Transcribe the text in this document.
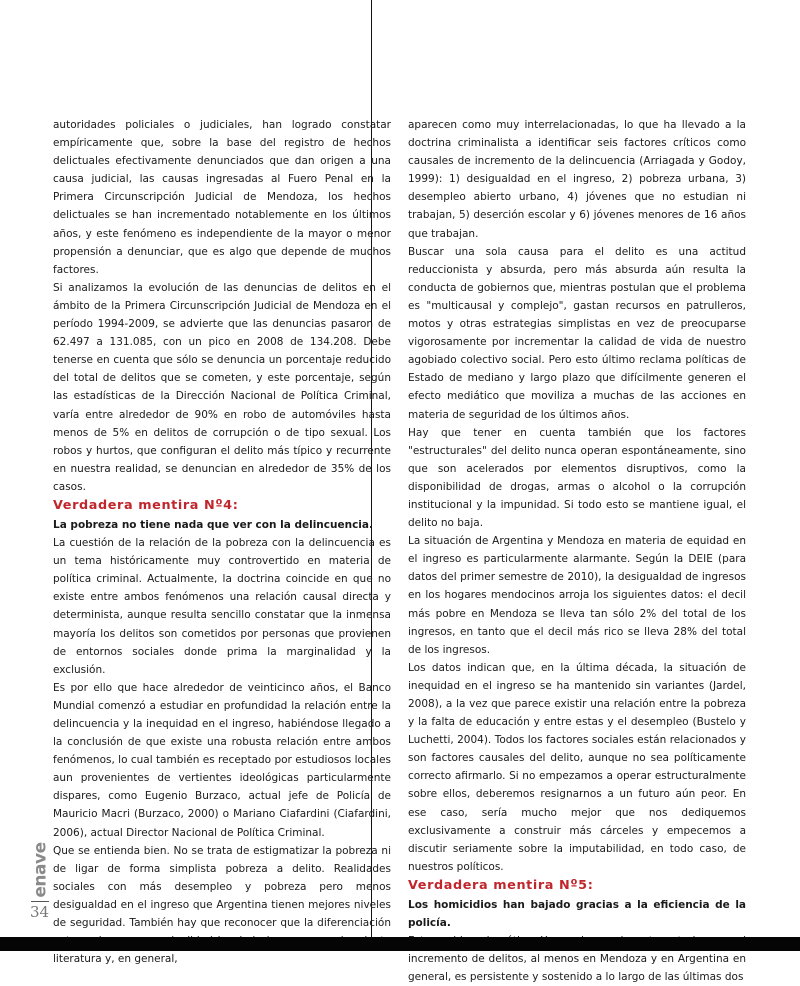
autoridades policiales o judiciales, han logrado constatar empíricamente que, sobre la base del registro de hechos delictuales efectivamente denunciados que dan origen a una causa judicial, las causas ingresadas al Fuero Penal en la Primera Circunscripción Judicial de Mendoza, los hechos delictuales se han incrementado notablemente en los últimos años, y este fenómeno es independiente de la mayor o menor propensión a denunciar, que es algo que depende de muchos factores.

Si analizamos la evolución de las denuncias de delitos en el ámbito de la Primera Circunscripción Judicial de Mendoza en el período 1994-2009, se advierte que las denuncias pasaron de 62.497 a 131.085, con un pico en 2008 de 134.208. Debe tenerse en cuenta que sólo se denuncia un porcentaje reducido del total de delitos que se cometen, y este porcentaje, según las estadísticas de la Dirección Nacional de Política Criminal, varía entre alrededor de 90% en robo de automóviles hasta menos de 5% en delitos de corrupción o de tipo sexual. Los robos y hurtos, que configuran el delito más típico y recurrente en nuestra realidad, se denuncian en alrededor de 35% de los casos.

Verdadera mentira Nº4:

La pobreza no tiene nada que ver con la delincuencia.

La cuestión de la relación de la pobreza con la delincuencia es un tema históricamente muy controvertido en materia de política criminal. Actualmente, la doctrina coincide en que no existe entre ambos fenómenos una relación causal directa y determinista, aunque resulta sencillo constatar que la inmensa mayoría los delitos son cometidos por personas que provienen de entornos sociales donde prima la marginalidad y la exclusión.

Es por ello que hace alrededor de veinticinco años, el Banco Mundial comenzó a estudiar en profundidad la relación entre la delincuencia y la inequidad en el ingreso, habiéndose llegado a la conclusión de que existe una robusta relación entre ambos fenómenos, lo cual también es receptado por estudiosos locales aun provenientes de vertientes ideológicas particularmente dispares, como Eugenio Burzaco, actual jefe de Policía de Mauricio Macri (Burzaco, 2000) o Mariano Ciafardini (Ciafardini, 2006), actual Director Nacional de Política Criminal.

Que se entienda bien. No se trata de estigmatizar la pobreza ni de ligar de forma simplista pobreza a delito. Realidades sociales con más desempleo y pobreza pero menos desigualdad en el ingreso que Argentina tienen mejores niveles de seguridad. También hay que reconocer que la diferenciación literatura y, en general,

aparecen como muy interrelacionadas, lo que ha llevado a la doctrina criminalista a identificar seis factores críticos como causales de incremento de la delincuencia (Arriagada y Godoy, 1999): 1) desigualdad en el ingreso, 2) pobreza urbana, 3) desempleo abierto urbano, 4) jóvenes que no estudian ni trabajan, 5) deserción escolar y 6) jóvenes menores de 16 años que trabajan.

Buscar una sola causa para el delito es una actitud reduccionista y absurda, pero más absurda aún resulta la conducta de gobiernos que, mientras postulan que el problema es "multicausal y complejo", gastan recursos en patrulleros, motos y otras estrategias simplistas en vez de preocuparse vigorosamente por incrementar la calidad de vida de nuestro agobiado colectivo social. Pero esto último reclama políticas de Estado de mediano y largo plazo que difícilmente generen el efecto mediático que moviliza a muchas de las acciones en materia de seguridad de los últimos años.

Hay que tener en cuenta también que los factores "estructurales" del delito nunca operan espontáneamente, sino que son acelerados por elementos disruptivos, como la disponibilidad de drogas, armas o alcohol o la corrupción institucional y la impunidad. Si todo esto se mantiene igual, el delito no baja.

La situación de Argentina y Mendoza en materia de equidad en el ingreso es particularmente alarmante. Según la DEIE (para datos del primer semestre de 2010), la desigualdad de ingresos en los hogares mendocinos arroja los siguientes datos: el decil más pobre en Mendoza se lleva tan sólo 2% del total de los ingresos, en tanto que el decil más rico se lleva 28% del total de los ingresos.

Los datos indican que, en la última década, la situación de inequidad en el ingreso se ha mantenido sin variantes (Jardel, 2008), a la vez que parece existir una relación entre la pobreza y la falta de educación y entre estas y el desempleo (Bustelo y Luchetti, 2004). Todos los factores sociales están relacionados y son factores causales del delito, aunque no sea políticamente correcto afirmarlo. Si no empezamos a operar estructuralmente sobre ellos, deberemos resignarnos a un futuro aún peor. En ese caso, sería mucho mejor que nos dediquemos exclusivamente a construir más cárceles y empecemos a discutir seriamente sobre la imputabilidad, en todo caso, de nuestros políticos.

Verdadera mentira Nº5:

Los homicidios han bajado gracias a la eficiencia de la policía.

incremento de delitos, al menos en Mendoza y en Argentina en general, es persistente y sostenido a lo largo de las últimas dos

enave
34
